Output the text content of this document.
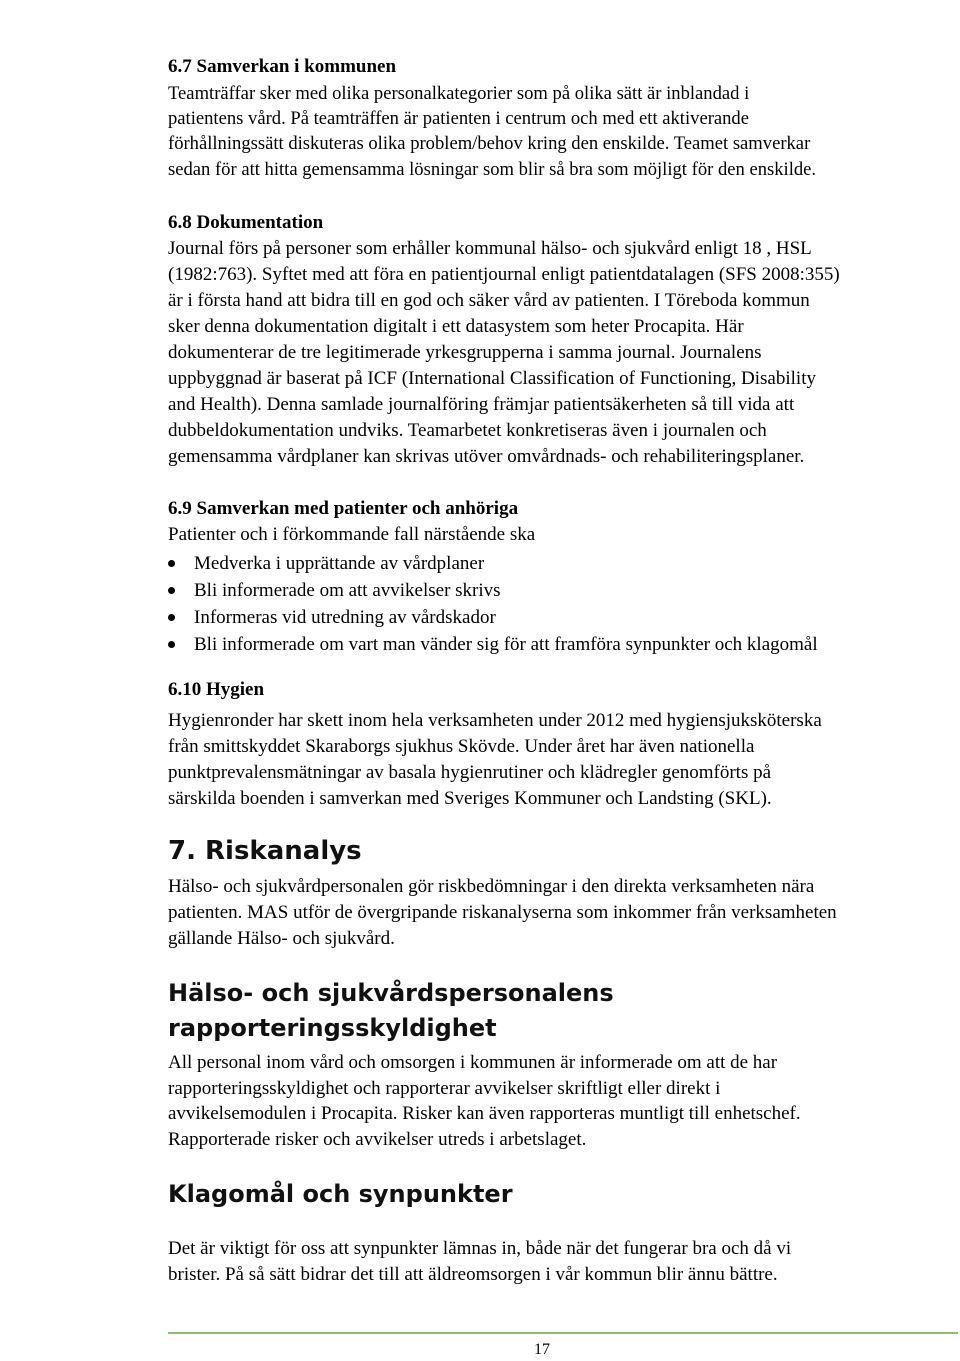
6.7 Samverkan i kommunen
Teamträffar sker med olika personalkategorier som på olika sätt är inblandad i
patientens vård. På teamträffen är patienten i centrum och med ett aktiverande
förhållningssätt diskuteras olika problem/behov kring den enskilde. Teamet samverkar
sedan för att hitta gemensamma lösningar som blir så bra som möjligt för den enskilde.
6.8 Dokumentation
Journal förs på personer som erhåller kommunal hälso- och sjukvård enligt 18 , HSL
(1982:763). Syftet med att föra en patientjournal enligt patientdatalagen (SFS 2008:355)
är i första hand att bidra till en god och säker vård av patienten. I Töreboda kommun
sker denna dokumentation digitalt i ett datasystem som heter Procapita. Här
dokumenterar de tre legitimerade yrkesgrupperna i samma journal. Journalens
uppbyggnad är baserat på ICF (International Classification of Functioning, Disability
and Health). Denna samlade journalföring främjar patientsäkerheten så till vida att
dubbeldokumentation undviks. Teamarbetet konkretiseras även i journalen och
gemensamma vårdplaner kan skrivas utöver omvårdnads- och rehabiliteringsplaner.
6.9 Samverkan med patienter och anhöriga
Patienter och i förkommande fall närstående ska
Medverka i upprättande av vårdplaner
Bli informerade om att avvikelser skrivs
Informeras vid utredning av vårdskador
Bli informerade om vart man vänder sig för att framföra synpunkter och klagomål
6.10 Hygien
Hygienronder har skett inom hela verksamheten under 2012 med hygiensjuksköterska
från smittskyddet Skaraborgs sjukhus Skövde. Under året har även nationella
punktprevalensmätningar av basala hygienrutiner och klädregler genomförts på
särskilda boenden i samverkan med Sveriges Kommuner och Landsting (SKL).
7. Riskanalys
Hälso- och sjukvårdpersonalen gör riskbedömningar i den direkta verksamheten nära
patienten. MAS utför de övergripande riskanalyserna som inkommer från verksamheten
gällande Hälso- och sjukvård.
Hälso- och sjukvårdspersonalens
rapporteringsskyldighet
All personal inom vård och omsorgen i kommunen är informerade om att de har
rapporteringsskyldighet och rapporterar avvikelser skriftligt eller direkt i
avvikelsemodulen i Procapita. Risker kan även rapporteras muntligt till enhetschef.
Rapporterade risker och avvikelser utreds i arbetslaget.
Klagomål och synpunkter
Det är viktigt för oss att synpunkter lämnas in, både när det fungerar bra och då vi
brister. På så sätt bidrar det till att äldreomsorgen i vår kommun blir ännu bättre.
17
